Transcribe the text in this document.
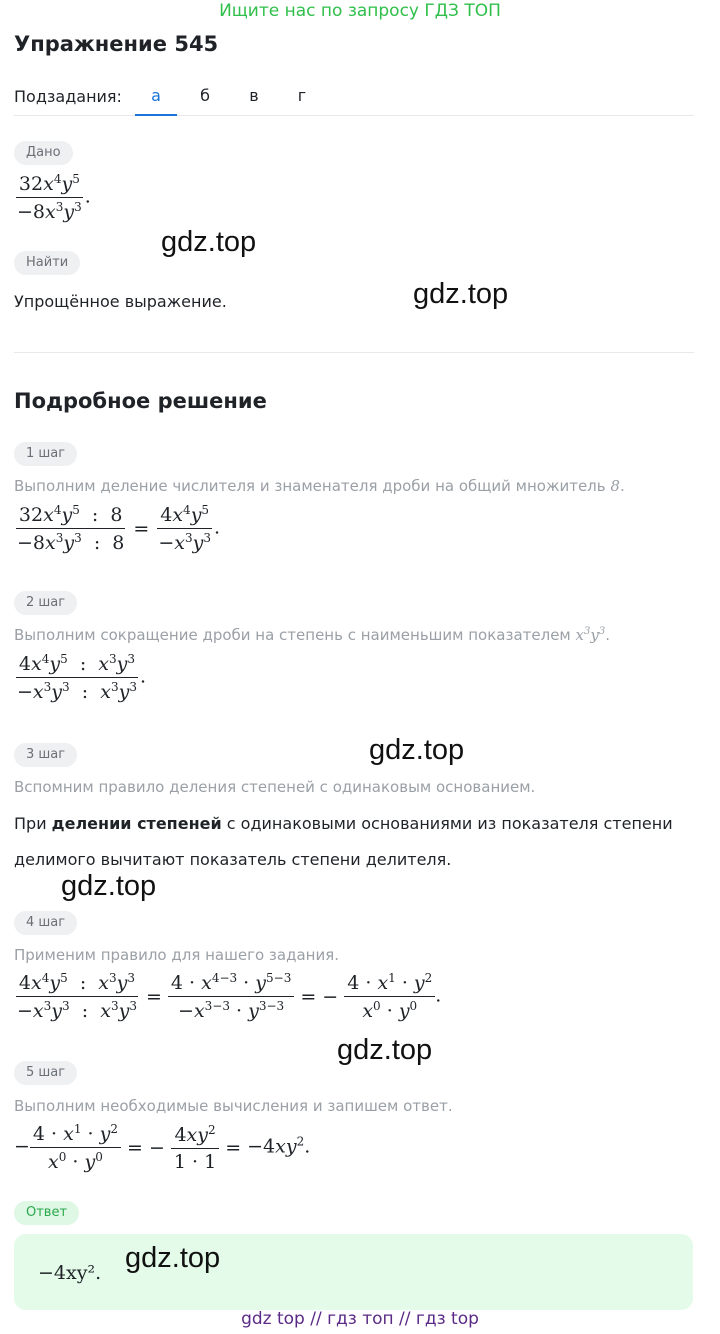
Ищите нас по запросу ГДЗ ТОП
Упражнение 545
Подзадания:	а	б	в	г
Дано
$\frac{32x^4y^5}{-8x^3y^3}$ .
gdz.top
Найти
gdz.top
Упрощённое выражение.
Подробное решение
1 шаг
Выполним деление числителя и знаменателя дроби на общий множитель 8.
$\frac{32x^4y^5 : 8}{-8x^3y^3 : 8} = \frac{4x^4y^5}{-x^3y^3}$ .
2 шаг
Выполним сокращение дроби на степень с наименьшим показателем $x^3y^3$.
$\frac{4x^4y^5 : x^3y^3}{-x^3y^3 : x^3y^3}$ .
gdz.top
3 шаг
Вспомним правило деления степеней с одинаковым основанием.
При делении степеней с одинаковыми основаниями из показателя степени делимого вычитают показатель степени делителя.
gdz.top
4 шаг
Применим правило для нашего задания.
$\frac{4x^4y^5 : x^3y^3}{-x^3y^3 : x^3y^3} = \frac{4 \cdot x^{4-3} \cdot y^{5-3}}{-x^{3-3} \cdot y^{3-3}}$ = − $\frac{4 \cdot x^1 \cdot y^2}{x^0 \cdot y^0}$ .
gdz.top
5 шаг
Выполним необходимые вычисления и запишем ответ.
− $\frac{4 \cdot x^1 \cdot y^2}{x^0 \cdot y^0}$ = − $\frac{4xy^2}{1 \cdot 1} = -4xy^2$.
Ответ
−4xy². gdz.top
gdz top // гдз топ // гдз top
